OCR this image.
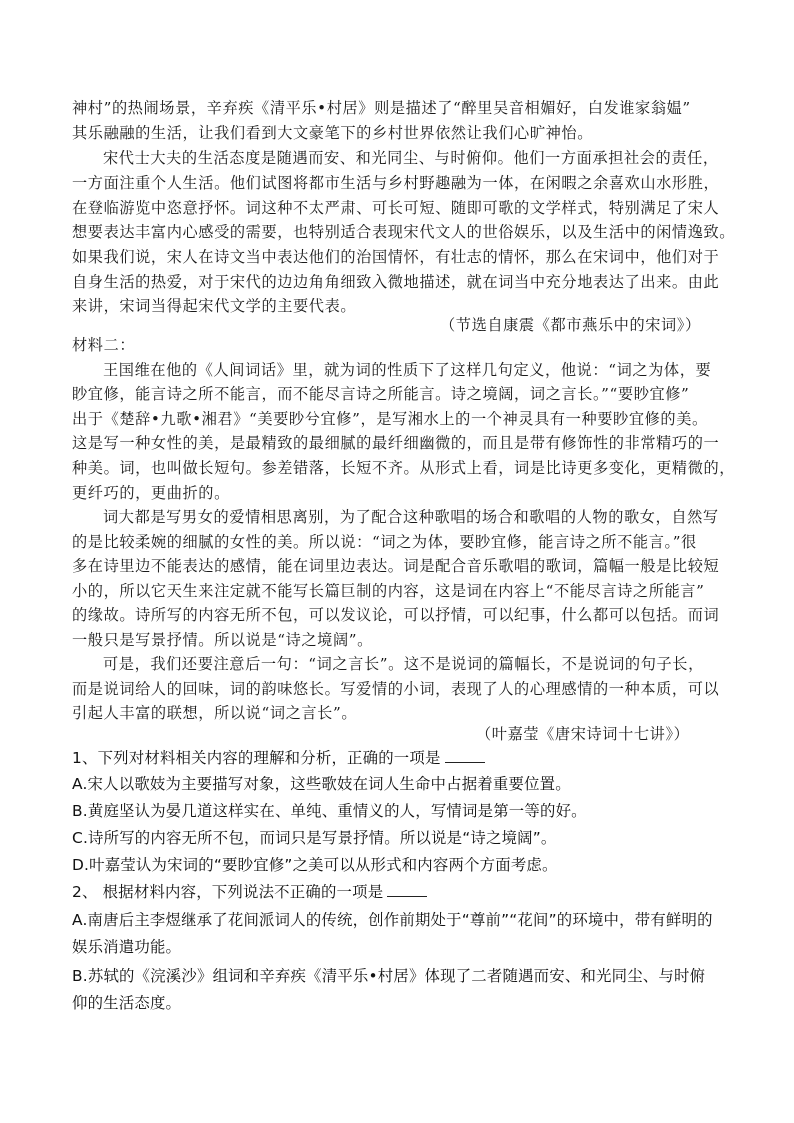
神村”的热闹场景，辛弃疾《清平乐•村居》则是描述了“醉里吴音相媚好，白发谁家翁媪”
其乐融融的生活，让我们看到大文豪笔下的乡村世界依然让我们心旷神怡。
宋代士大夫的生活态度是随遇而安、和光同尘、与时俯仰。他们一方面承担社会的责任，
一方面注重个人生活。他们试图将都市生活与乡村野趣融为一体，在闲暇之余喜欢山水形胜，
在登临游览中恣意抒怀。词这种不太严肃、可长可短、随即可歌的文学样式，特别满足了宋人
想要表达丰富内心感受的需要，也特别适合表现宋代文人的世俗娱乐，以及生活中的闲情逸致。
如果我们说，宋人在诗文当中表达他们的治国情怀，有壮志的情怀，那么在宋词中，他们对于
自身生活的热爱，对于宋代的边边角角细致入微地描述，就在词当中充分地表达了出来。由此
来讲，宋词当得起宋代文学的主要代表。
（节选自康震《都市燕乐中的宋词》）
材料二：
王国维在他的《人间词话》里，就为词的性质下了这样几句定义，他说：“词之为体，要
眇宜修，能言诗之所不能言，而不能尽言诗之所能言。诗之境阔，词之言长。”“要眇宜修”
出于《楚辞•九歌•湘君》“美要眇兮宜修”，是写湘水上的一个神灵具有一种要眇宜修的美。
这是写一种女性的美，是最精致的最细腻的最纤细幽微的，而且是带有修饰性的非常精巧的一
种美。词，也叫做长短句。参差错落，长短不齐。从形式上看，词是比诗更多变化，更精微的，
更纤巧的，更曲折的。
词大都是写男女的爱情相思离别，为了配合这种歌唱的场合和歌唱的人物的歌女，自然写
的是比较柔婉的细腻的女性的美。所以说：“词之为体，要眇宜修，能言诗之所不能言。”很
多在诗里边不能表达的感情，能在词里边表达。词是配合音乐歌唱的歌词，篇幅一般是比较短
小的，所以它天生来注定就不能写长篇巨制的内容，这是词在内容上“不能尽言诗之所能言”
的缘故。诗所写的内容无所不包，可以发议论，可以抒情，可以纪事，什么都可以包括。而词
一般只是写景抒情。所以说是“诗之境阔”。
可是，我们还要注意后一句：“词之言长”。这不是说词的篇幅长，不是说词的句子长，
而是说词给人的回味，词的韵味悠长。写爱情的小词，表现了人的心理感情的一种本质，可以
引起人丰富的联想，所以说“词之言长”。
（叶嘉莹《唐宋诗词十七讲》）
1、下列对材料相关内容的理解和分析，正确的一项是
A.宋人以歌妓为主要描写对象，这些歌妓在词人生命中占据着重要位置。
B.黄庭坚认为晏几道这样实在、单纯、重情义的人，写情词是第一等的好。
C.诗所写的内容无所不包，而词只是写景抒情。所以说是“诗之境阔”。
D.叶嘉莹认为宋词的“要眇宜修”之美可以从形式和内容两个方面考虑。
2、 根据材料内容，下列说法不正确的一项是
A.南唐后主李煜继承了花间派词人的传统，创作前期处于“尊前”“花间”的环境中，带有鲜明的
娱乐消遣功能。
B.苏轼的《浣溪沙》组词和辛弃疾《清平乐•村居》体现了二者随遇而安、和光同尘、与时俯
仰的生活态度。
